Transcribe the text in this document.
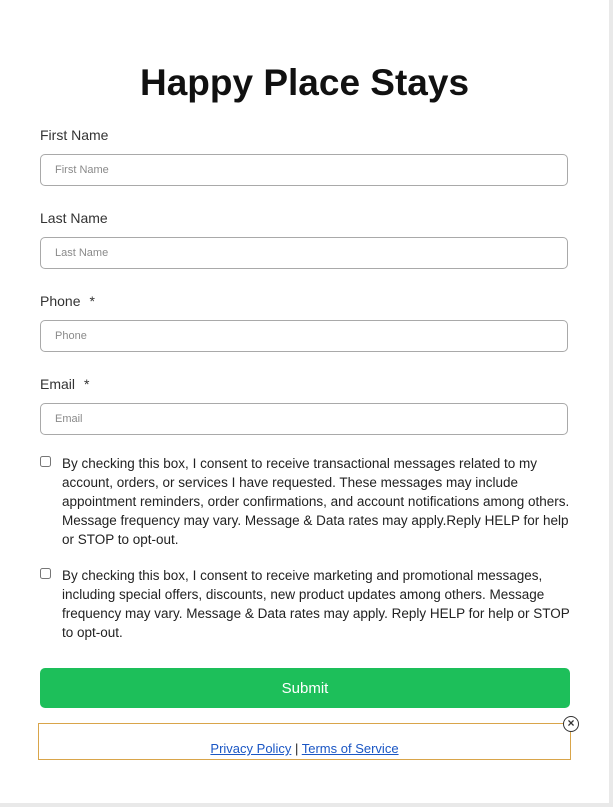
Happy Place Stays
First Name
First Name
Last Name
Last Name
Phone *
Phone
Email *
Email
By checking this box, I consent to receive transactional messages related to my account, orders, or services I have requested. These messages may include appointment reminders, order confirmations, and account notifications among others. Message frequency may vary. Message & Data rates may apply.Reply HELP for help or STOP to opt-out.
By checking this box, I consent to receive marketing and promotional messages, including special offers, discounts, new product updates among others. Message frequency may vary. Message & Data rates may apply. Reply HELP for help or STOP to opt-out.
Submit
Privacy Policy | Terms of Service
×
